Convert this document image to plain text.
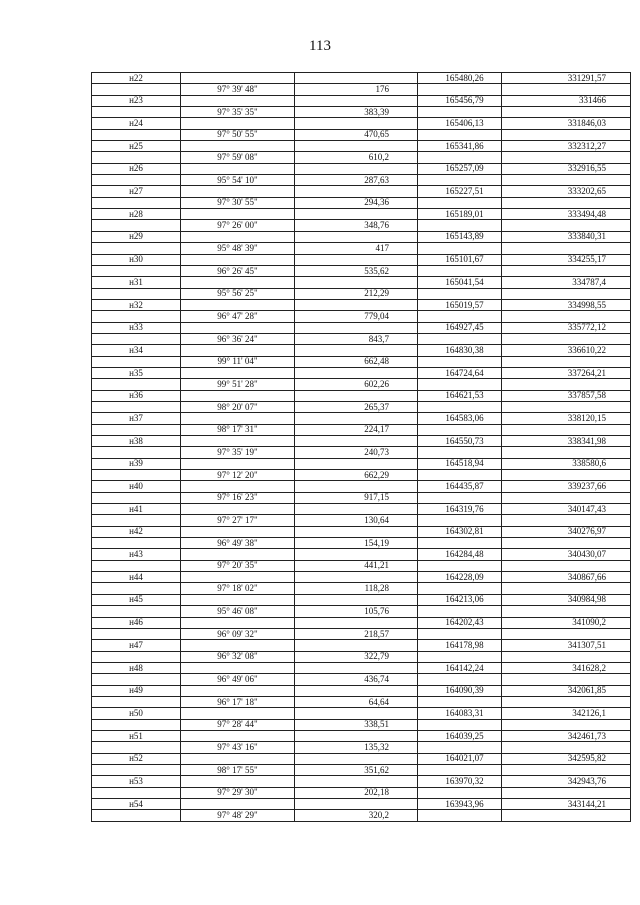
113
н22			165480,26	331291,57
	97° 39' 48"	176		
н23			165456,79	331466
	97° 35' 35"	383,39		
н24			165406,13	331846,03
	97° 50' 55"	470,65		
н25			165341,86	332312,27
	97° 59' 08"	610,2		
н26			165257,09	332916,55
	95° 54' 10"	287,63		
н27			165227,51	333202,65
	97° 30' 55"	294,36		
н28			165189,01	333494,48
	97° 26' 00"	348,76		
н29			165143,89	333840,31
	95° 48' 39"	417		
н30			165101,67	334255,17
	96° 26' 45"	535,62		
н31			165041,54	334787,4
	95° 56' 25"	212,29		
н32			165019,57	334998,55
	96° 47' 28"	779,04		
н33			164927,45	335772,12
	96° 36' 24"	843,7		
н34			164830,38	336610,22
	99° 11' 04"	662,48		
н35			164724,64	337264,21
	99° 51' 28"	602,26		
н36			164621,53	337857,58
	98° 20' 07"	265,37		
н37			164583,06	338120,15
	98° 17' 31"	224,17		
н38			164550,73	338341,98
	97° 35' 19"	240,73		
н39			164518,94	338580,6
	97° 12' 20"	662,29		
н40			164435,87	339237,66
	97° 16' 23"	917,15		
н41			164319,76	340147,43
	97° 27' 17"	130,64		
н42			164302,81	340276,97
	96° 49' 38"	154,19		
н43			164284,48	340430,07
	97° 20' 35"	441,21		
н44			164228,09	340867,66
	97° 18' 02"	118,28		
н45			164213,06	340984,98
	95° 46' 08"	105,76		
н46			164202,43	341090,2
	96° 09' 32"	218,57		
н47			164178,98	341307,51
	96° 32' 08"	322,79		
н48			164142,24	341628,2
	96° 49' 06"	436,74		
н49			164090,39	342061,85
	96° 17' 18"	64,64		
н50			164083,31	342126,1
	97° 28' 44"	338,51		
н51			164039,25	342461,73
	97° 43' 16"	135,32		
н52			164021,07	342595,82
	98° 17' 55"	351,62		
н53			163970,32	342943,76
	97° 29' 30"	202,18		
н54			163943,96	343144,21
	97° 48' 29"	320,2		
